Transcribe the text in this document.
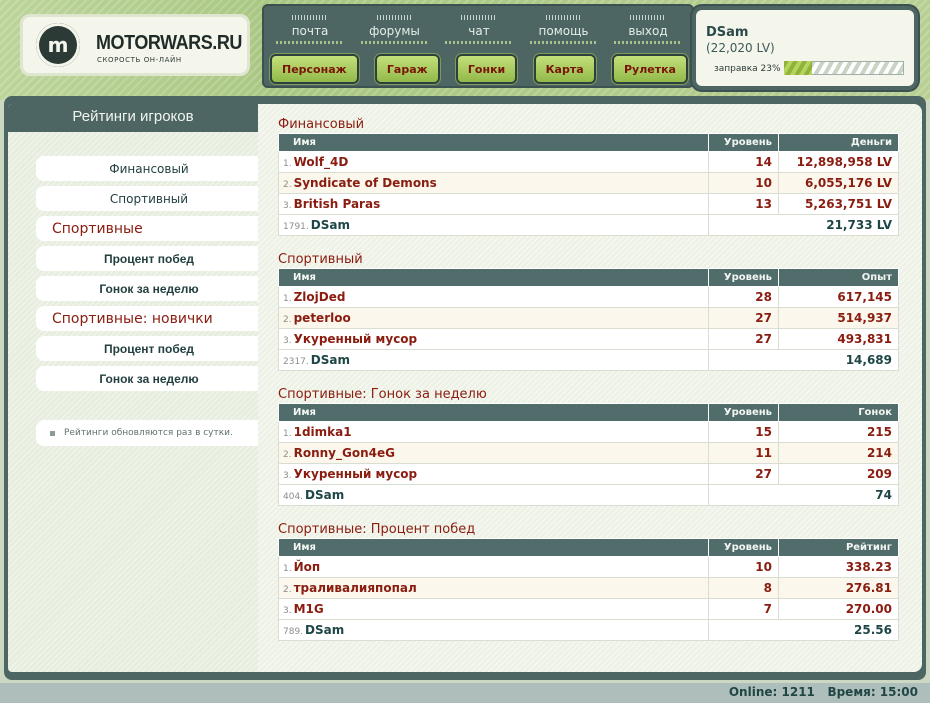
m	MOTORWARS.RU
СКОРОСТЬ ОН-ЛАЙН
почта	форумы	чат	помощь	выход
Персонаж	Гараж	Гонки	Карта	Рулетка
DSam
(22,020 LV)
заправка 23%
Рейтинги игроков
Финансовый
Спортивный
Спортивные
Процент побед
Гонок за неделю
Спортивные: новички
Процент побед
Гонок за неделю
Рейтинги обновляются раз в сутки.
Финансовый
Имя	Уровень	Деньги
1. Wolf_4D	14	12,898,958 LV
2. Syndicate of Demons	10	6,055,176 LV
3. British Paras	13	5,263,751 LV
1791. DSam	21,733 LV	
Спортивный
Имя	Уровень	Опыт
1. ZlojDed	28	617,145
2. peterloo	27	514,937
3. Укуренный мусор	27	493,831
2317. DSam	14,689	
Спортивные: Гонок за неделю
Имя	Уровень	Гонок
1. 1dimka1	15	215
2. Ronny_Gon4eG	11	214
3. Укуренный мусор	27	209
404. DSam	74	
Спортивные: Процент побед
Имя	Уровень	Рейтинг
1. Йоп	10	338.23
2. траливалияпопал	8	276.81
3. M1G	7	270.00
789. DSam	25.56	
Online: 1211 Время: 15:00
